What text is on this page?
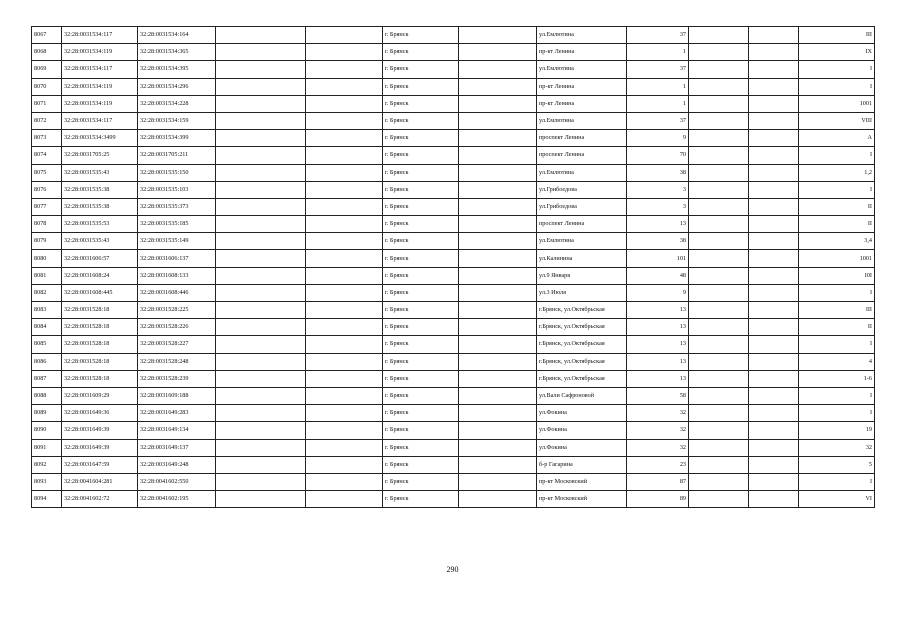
8067	32:28:0031534:117	32:28:0031534:164			г. Брянск		ул.Емлютина	37			III
8068	32:28:0031534:119	32:28:0031534:365			г. Брянск		пр-кт Ленина	1			IX
8069	32:28:0031534:117	32:28:0031534:395			г. Брянск		ул.Емлютина	37			I
8070	32:28:0031534:119	32:28:0031534:296			г. Брянск		пр-кт Ленина	1			I
8071	32:28:0031534:119	32:28:0031534:228			г. Брянск		пр-кт Ленина	1			1001
8072	32:28:0031534:117	32:28:0031534:159			г. Брянск		ул.Емлютина	37			VIII
8073	32:28:0031534:3499	32:28:0031534:399			г. Брянск		проспект Ленина	9			A
8074	32:28:0031705:25	32:28:0031705:211			г. Брянск		проспект Ленина	70			I
8075	32:28:0031535:43	32:28:0031535:150			г. Брянск		ул.Емлютина	38			1,2
8076	32:28:0031535:38	32:28:0031535:103			г. Брянск		ул.Грибоедова	3			I
8077	32:28:0031535:38	32:28:0031535:373			г. Брянск		ул.Грибоедова	3			II
8078	32:28:0031535:53	32:28:0031535:185			г. Брянск		проспект Ленина	13			II
8079	32:28:0031535:43	32:28:0031535:149			г. Брянск		ул.Емлютина	38			3,4
8080	32:28:0031606:57	32:28:0031606:137			г. Брянск		ул.Калинина	101			1001
8081	32:28:0031608:24	32:28:0031608:133			г. Брянск		ул.9 Января	48			I0I
8082	32:28:0031608:445	32:28:0031608:446			г. Брянск		ул.3 Июля	9			I
8083	32:28:0031528:18	32:28:0031528:225			г. Брянск		г.Брянск, ул.Октябрьская	13			III
8084	32:28:0031528:18	32:28:0031528:226			г. Брянск		г.Брянск, ул.Октябрьская	13			II
8085	32:28:0031528:18	32:28:0031528:227			г. Брянск		г.Брянск, ул.Октябрьская	13			I
8086	32:28:0031528:18	32:28:0031528:248			г. Брянск		г.Брянск, ул.Октябрьская	13			4
8087	32:28:0031528:18	32:28:0031528:239			г. Брянск		г.Брянск, ул.Октябрьская	13			1-6
8088	32:28:0031609:29	32:28:0031609:188			г. Брянск		ул.Вали Сафроновой	58			I
8089	32:28:0031649:36	32:28:0031649:283			г. Брянск		ул.Фокина	32			I
8090	32:28:0031649:39	32:28:0031649:134			г. Брянск		ул.Фокина	32			19
8091	32:28:0031649:39	32:28:0031649:137			г. Брянск		ул.Фокина	32			32
8092	32:28:0031647:59	32:28:0031649:248			г. Брянск		б-р Гагарина	23			5
8093	32:28:0041604:281	32:28:0041602:550			г. Брянск		пр-кт Московский	87			I
8094	32:28:0041602:72	32:28:0041602:195			г. Брянск		пр-кт Московский	89			VI
290
